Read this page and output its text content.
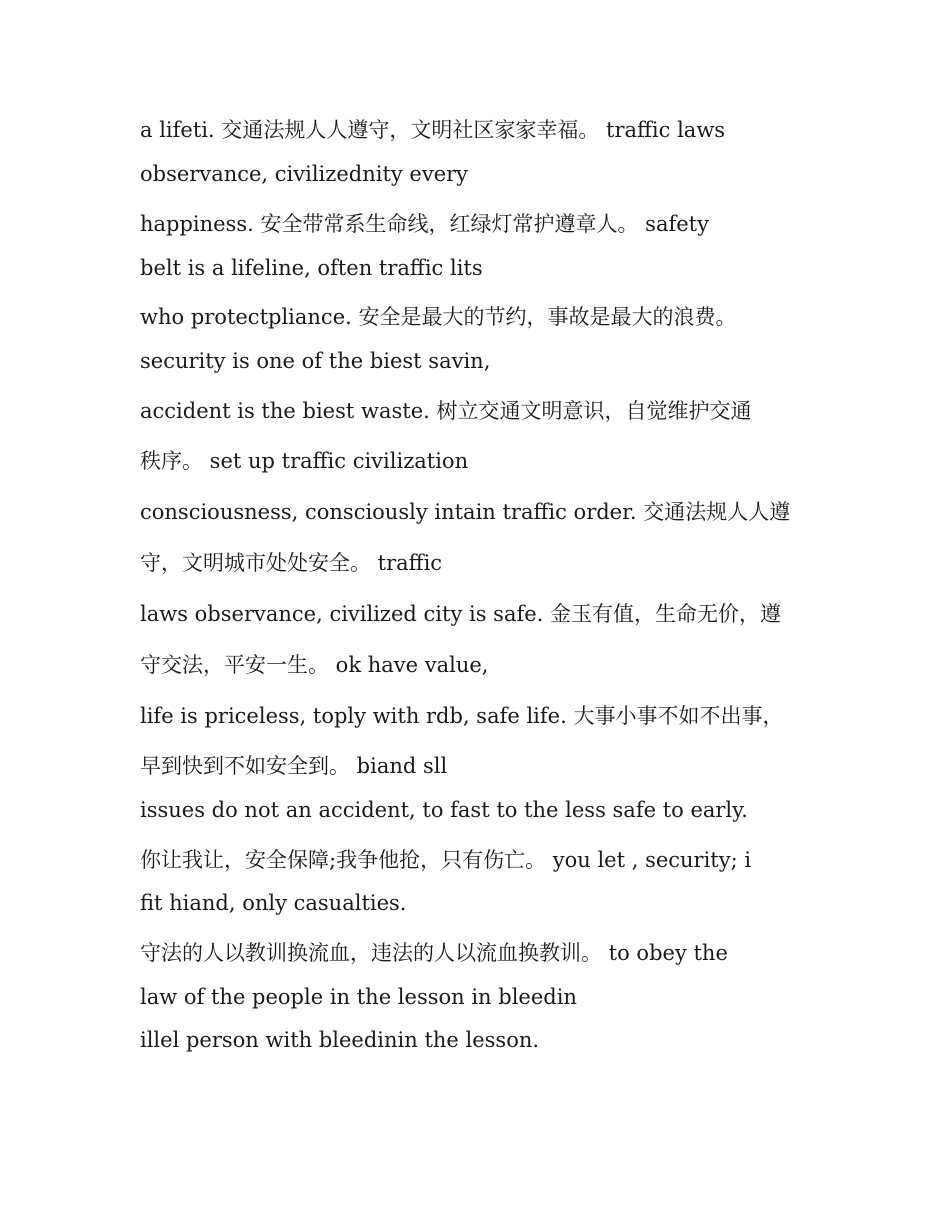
a lifeti. 交通法规人人遵守，文明社区家家幸福。 traffic laws
observance, civilizednity every
happiness. 安全带常系生命线，红绿灯常护遵章人。 safety
belt is a lifeline, often traffic lits
who protectpliance. 安全是最大的节约，事故是最大的浪费。
security is one of the biest savin,
accident is the biest waste. 树立交通文明意识，自觉维护交通
秩序。 set up traffic civilization
consciousness, consciously intain traffic order. 交通法规人人遵
守，文明城市处处安全。 traffic
laws observance, civilized city is safe. 金玉有值，生命无价，遵
守交法，平安一生。 ok have value,
life is priceless, toply with rdb, safe life. 大事小事不如不出事，
早到快到不如安全到。 biand sll
issues do not an accident, to fast to the less safe to early.
你让我让，安全保障;我争他抢，只有伤亡。 you let , security; i
fit hiand, only casualties.
守法的人以教训换流血，违法的人以流血换教训。 to obey the
law of the people in the lesson in bleedin
illel person with bleedinin the lesson.
